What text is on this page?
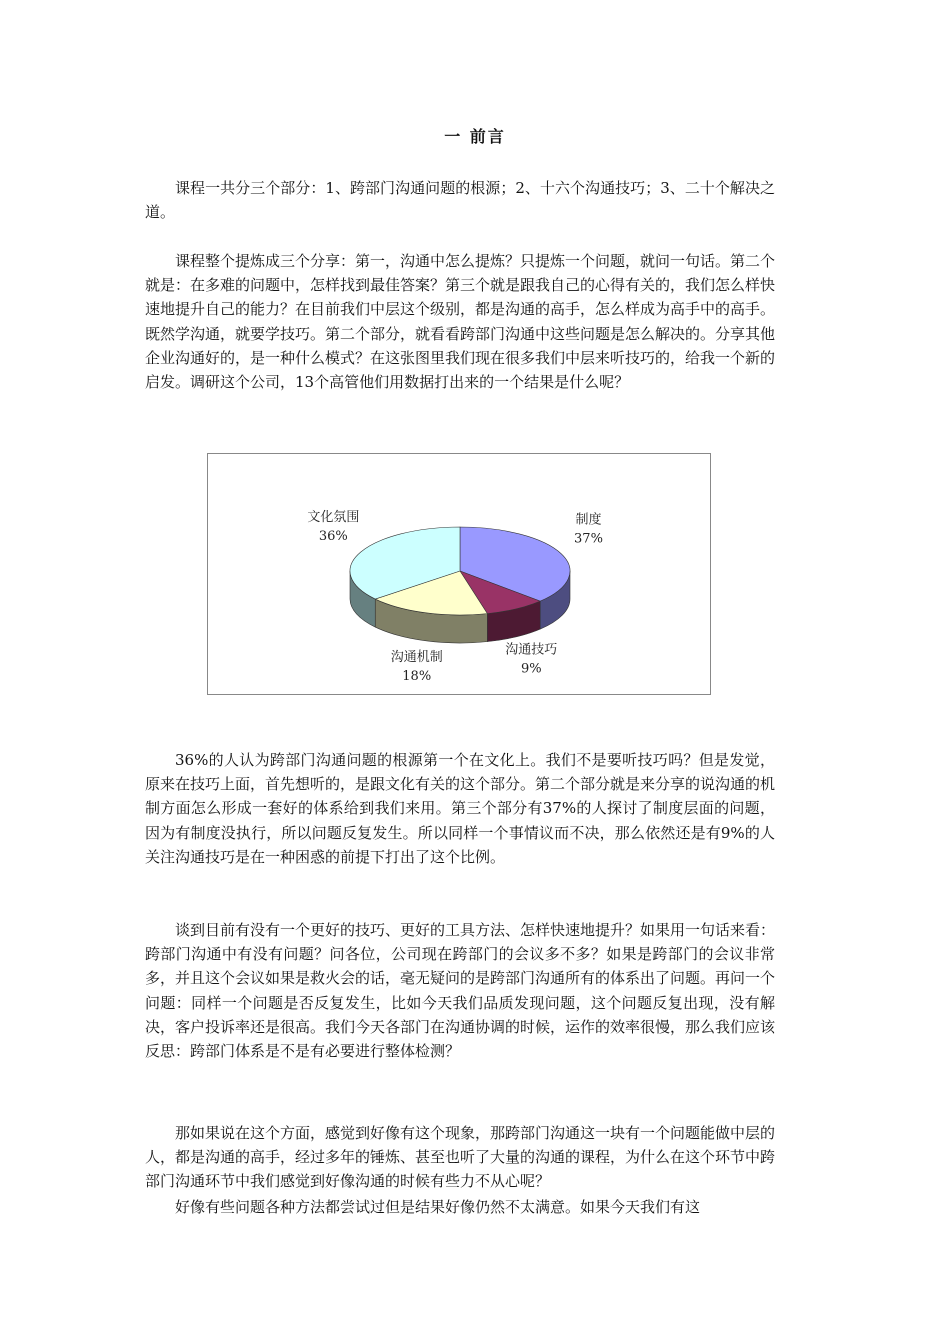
一 前言

课程一共分三个部分：1、跨部门沟通问题的根源；2、十六个沟通技巧；3、二十个解决之道。

课程整个提炼成三个分享：第一，沟通中怎么提炼？只提炼一个问题，就问一句话。第二个就是：在多难的问题中，怎样找到最佳答案？第三个就是跟我自己的心得有关的，我们怎么样快速地提升自己的能力？在目前我们中层这个级别，都是沟通的高手，怎么样成为高手中的高手。既然学沟通，就要学技巧。第二个部分，就看看跨部门沟通中这些问题是怎么解决的。分享其他企业沟通好的，是一种什么模式？在这张图里我们现在很多我们中层来听技巧的，给我一个新的启发。调研这个公司，13个高管他们用数据打出来的一个结果是什么呢？

制度
37%
沟通技巧
9%
沟通机制
18%
文化氛围
36%

36%的人认为跨部门沟通问题的根源第一个在文化上。我们不是要听技巧吗？但是发觉，原来在技巧上面，首先想听的，是跟文化有关的这个部分。第二个部分就是来分享的说沟通的机制方面怎么形成一套好的体系给到我们来用。第三个部分有37%的人探讨了制度层面的问题，因为有制度没执行，所以问题反复发生。所以同样一个事情议而不决，那么依然还是有9%的人关注沟通技巧是在一种困惑的前提下打出了这个比例。

谈到目前有没有一个更好的技巧、更好的工具方法、怎样快速地提升？如果用一句话来看：跨部门沟通中有没有问题？问各位，公司现在跨部门的会议多不多？如果是跨部门的会议非常多，并且这个会议如果是救火会的话，毫无疑问的是跨部门沟通所有的体系出了问题。再问一个问题：同样一个问题是否反复发生，比如今天我们品质发现问题，这个问题反复出现，没有解决，客户投诉率还是很高。我们今天各部门在沟通协调的时候，运作的效率很慢，那么我们应该反思：跨部门体系是不是有必要进行整体检测？

那如果说在这个方面，感觉到好像有这个现象，那跨部门沟通这一块有一个问题能做中层的人，都是沟通的高手，经过多年的锤炼、甚至也听了大量的沟通的课程，为什么在这个环节中跨部门沟通环节中我们感觉到好像沟通的时候有些力不从心呢？

好像有些问题各种方法都尝试过但是结果好像仍然不太满意。如果今天我们有这
